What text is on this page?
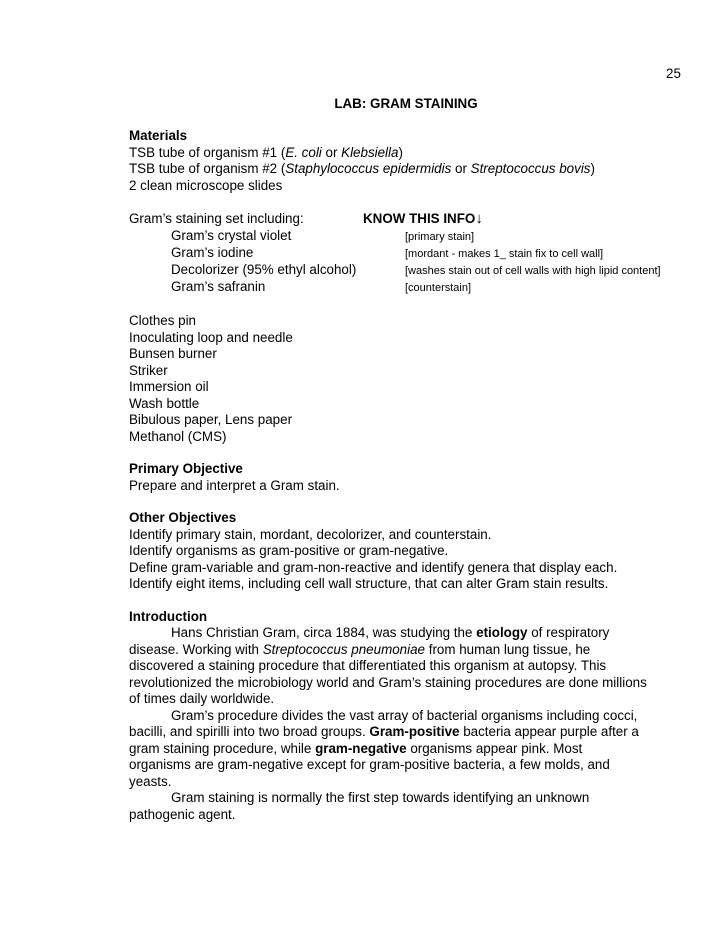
25
LAB: GRAM STAINING
Materials
TSB tube of organism #1 (E. coli or Klebsiella)
TSB tube of organism #2 (Staphylococcus epidermidis or Streptococcus bovis)
2 clean microscope slides
Gram’s staining set including:	KNOW THIS INFO↓
Gram’s crystal violet	[primary stain]
Gram’s iodine	[mordant - makes 1_ stain fix to cell wall]
Decolorizer (95% ethyl alcohol)	[washes stain out of cell walls with high lipid content]
Gram’s safranin	[counterstain]
Clothes pin
Inoculating loop and needle
Bunsen burner
Striker
Immersion oil
Wash bottle
Bibulous paper, Lens paper
Methanol (CMS)
Primary Objective
Prepare and interpret a Gram stain.
Other Objectives
Identify primary stain, mordant, decolorizer, and counterstain.
Identify organisms as gram-positive or gram-negative.
Define gram-variable and gram-non-reactive and identify genera that display each.
Identify eight items, including cell wall structure, that can alter Gram stain results.
Introduction
Hans Christian Gram, circa 1884, was studying the etiology of respiratory
disease. Working with Streptococcus pneumoniae from human lung tissue, he
discovered a staining procedure that differentiated this organism at autopsy. This
revolutionized the microbiology world and Gram’s staining procedures are done millions
of times daily worldwide.
Gram’s procedure divides the vast array of bacterial organisms including cocci,
bacilli, and spirilli into two broad groups. Gram-positive bacteria appear purple after a
gram staining procedure, while gram-negative organisms appear pink. Most
organisms are gram-negative except for gram-positive bacteria, a few molds, and
yeasts.
Gram staining is normally the first step towards identifying an unknown
pathogenic agent.
